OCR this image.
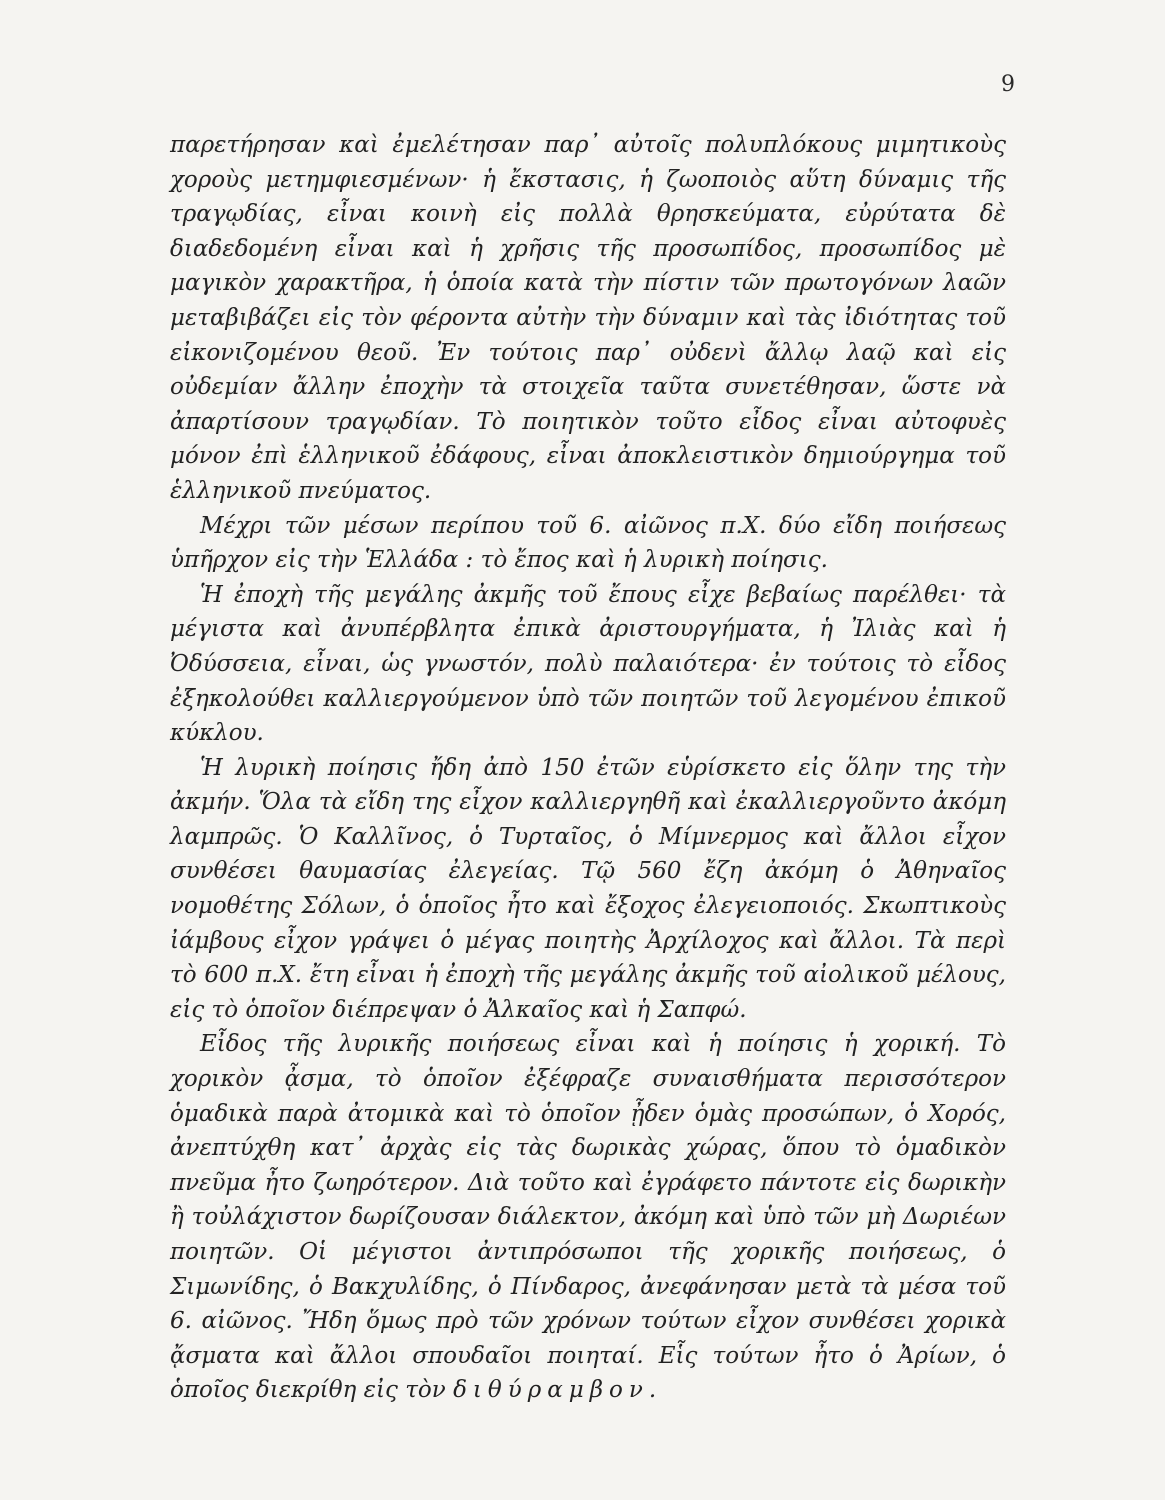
9

παρετήρησαν καὶ ἐμελέτησαν παρ᾽ αὐτοῖς πολυπλόκους μιμητικοὺς χοροὺς μετημφιεσμένων· ἡ ἔκστασις, ἡ ζωοποιὸς αὕτη δύναμις τῆς τραγῳδίας, εἶναι κοινὴ εἰς πολλὰ θρησκεύματα, εὐρύτατα δὲ διαδεδομένη εἶναι καὶ ἡ χρῆσις τῆς προσωπίδος, προσωπίδος μὲ μαγικὸν χαρακτῆρα, ἡ ὁποία κατὰ τὴν πίστιν τῶν πρωτογόνων λαῶν μεταβιβάζει εἰς τὸν φέροντα αὐτὴν τὴν δύναμιν καὶ τὰς ἰδιότητας τοῦ εἰκονιζομένου θεοῦ. Ἐν τούτοις παρ᾽ οὐδενὶ ἄλλῳ λαῷ καὶ εἰς οὐδεμίαν ἄλλην ἐποχὴν τὰ στοιχεῖα ταῦτα συνετέθησαν, ὥστε νὰ ἀπαρτίσουν τραγῳδίαν. Τὸ ποιητικὸν τοῦτο εἶδος εἶναι αὐτοφυὲς μόνον ἐπὶ ἑλληνικοῦ ἐδάφους, εἶναι ἀποκλειστικὸν δημιούργημα τοῦ ἑλληνικοῦ πνεύματος.

Μέχρι τῶν μέσων περίπου τοῦ 6. αἰῶνος π.Χ. δύο εἴδη ποιήσεως ὑπῆρχον εἰς τὴν Ἑλλάδα : τὸ ἔπος καὶ ἡ λυρικὴ ποίησις.

Ἡ ἐποχὴ τῆς μεγάλης ἀκμῆς τοῦ ἔπους εἶχε βεβαίως παρέλθει· τὰ μέγιστα καὶ ἀνυπέρβλητα ἐπικὰ ἀριστουργήματα, ἡ Ἰλιὰς καὶ ἡ Ὀδύσσεια, εἶναι, ὡς γνωστόν, πολὺ παλαιότερα· ἐν τούτοις τὸ εἶδος ἐξηκολούθει καλλιεργούμενον ὑπὸ τῶν ποιητῶν τοῦ λεγομένου ἐπικοῦ κύκλου.

Ἡ λυρικὴ ποίησις ἤδη ἀπὸ 150 ἐτῶν εὑρίσκετο εἰς ὅλην της τὴν ἀκμήν. Ὅλα τὰ εἴδη της εἶχον καλλιεργηθῆ καὶ ἐκαλλιεργοῦντο ἀκόμη λαμπρῶς. Ὁ Καλλῖνος, ὁ Τυρταῖος, ὁ Μίμνερμος καὶ ἄλλοι εἶχον συνθέσει θαυμασίας ἐλεγείας. Τῷ 560 ἔζη ἀκόμη ὁ Ἀθηναῖος νομοθέτης Σόλων, ὁ ὁποῖος ἦτο καὶ ἔξοχος ἐλεγειοποιός. Σκωπτικοὺς ἰάμβους εἶχον γράψει ὁ μέγας ποιητὴς Ἀρχίλοχος καὶ ἄλλοι. Τὰ περὶ τὸ 600 π.Χ. ἔτη εἶναι ἡ ἐποχὴ τῆς μεγάλης ἀκμῆς τοῦ αἰολικοῦ μέλους, εἰς τὸ ὁποῖον διέπρεψαν ὁ Ἀλκαῖος καὶ ἡ Σαπφώ.

Εἶδος τῆς λυρικῆς ποιήσεως εἶναι καὶ ἡ ποίησις ἡ χορική. Τὸ χορικὸν ᾆσμα, τὸ ὁποῖον ἐξέφραζε συναισθήματα περισσότερον ὁμαδικὰ παρὰ ἀτομικὰ καὶ τὸ ὁποῖον ᾖδεν ὁμὰς προσώπων, ὁ Χορός, ἀνεπτύχθη κατ᾽ ἀρχὰς εἰς τὰς δωρικὰς χώρας, ὅπου τὸ ὁμαδικὸν πνεῦμα ἦτο ζωηρότερον. Διὰ τοῦτο καὶ ἐγράφετο πάντοτε εἰς δωρικὴν ἢ τοὐλάχιστον δωρίζουσαν διάλεκτον, ἀκόμη καὶ ὑπὸ τῶν μὴ Δωριέων ποιητῶν. Οἱ μέγιστοι ἀντιπρόσωποι τῆς χορικῆς ποιήσεως, ὁ Σιμωνίδης, ὁ Βακχυλίδης, ὁ Πίνδαρος, ἀνεφάνησαν μετὰ τὰ μέσα τοῦ 6. αἰῶνος. Ἤδη ὅμως πρὸ τῶν χρόνων τούτων εἶχον συνθέσει χορικὰ ᾄσματα καὶ ἄλλοι σπουδαῖοι ποιηταί. Εἷς τούτων ἦτο ὁ Ἀρίων, ὁ ὁποῖος διεκρίθη εἰς τὸν διθύραμβον.
